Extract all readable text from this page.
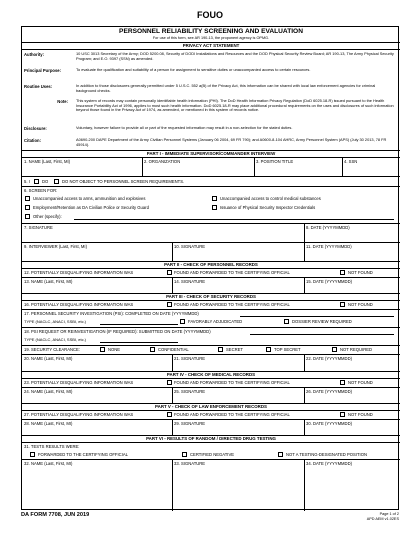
FOUO
PERSONNEL RELIABILITY SCREENING AND EVALUATION
For use of this form, see AR 190-13, the proponent agency is OPMG.
PRIVACY ACT STATEMENT
Authority:	10 USC 3013 Secretary of the Army; DOD 5200.08, Security of DODI Installations and Resources and the DOD Physical Security Review Board; AR 190-13, The Army Physical Security Program; and E.O. 9397 (SSN) as amended.
Principal Purpose:	To evaluate the qualification and suitability of a person for assignment to sensitive duties or unaccompanied access to certain resources.
Routine Uses:	In addition to those disclosures generally permitted under 5 U.S.C. 552 a(B) of the Privacy Act, this information can be shared with local law enforcement agencies for criminal background checks.
Note: This system of records may contain personally identifiable health information (PHI). The DoD Health Information Privacy Regulation (DoD 6025.18-R) issued pursuant to the Health Insurance Portability Act of 1996, applies to most such health information. DoD 6025.18-R may place additional procedural requirements on the uses and disclosures of such information beyond those found in the Privacy Act of 1974, as amended, or mentioned in this system of records notice.
Disclosure:	Voluntary, however failure to provide all or part of the requested information may result in a non-selection for the stated duties.
Citation:	A0690-200 DAPE Department of the Army Civilian Personnel Systems (January 06 2004, 69 FR 790); and A0600-8-104 AHRC, Army Personnel System (APS) (July 30 2013, 78 FR 45914).
PART I - IMMEDIATE SUPERVISOR/COMMANDER INTERVIEW
1. NAME (Last, First, MI)	2. ORGANIZATION	3. POSITION TITLE	4. SSN
5. I	DO	DO NOT OBJECT TO PERSONNEL SCREEN REQUIREMENTS.
6. SCREEN FOR:
Unaccompanied access to arms, ammunition and explosives	Unaccompanied access to control medical substances
Employment/Retention as DA Civilian Police or Security Guard	Issuance of Physical Security Inspector Credentials
Other (specify):
7. SIGNATURE	8. DATE (YYYYMMDD)
9. INTERVIEWER (Last, First, MI)	10. SIGNATURE	11. DATE (YYYYMMDD)
PART II - CHECK OF PERSONNEL RECORDS
12. POTENTIALLY DISQUALIFYING INFORMATION WAS	FOUND AND FORWARDED TO THE CERTIFYING OFFICIAL	NOT FOUND
13. NAME (Last, First, MI)	14. SIGNATURE	15. DATE (YYYYMMDD)
PART III - CHECK OF SECURITY RECORDS
16. POTENTIALLY DISQUALIFYING INFORMATION WAS	FOUND AND FORWARDED TO THE CERTIFYING OFFICIAL	NOT FOUND
17. PERSONNEL SECURITY INVESTIGATION (PSI): COMPLETED ON DATE (YYYYMMDD)
TYPE (NACLC, ANACI, SSBI, etc.)	FAVORABLY ADJUDICATED	DOSSIER REVIEW REQUIRED
18. PSI REQUEST OR REINVESTIGATION (IF REQUIRED): SUBMITTED ON DATE (YYYYMMDD)
TYPE (NACLC, ANACI, SSBI, etc.)
19. SECURITY CLEARANCE:	NONE	CONFIDENTIAL	SECRET	TOP SECRET	NOT REQUIRED
20. NAME (Last, First, MI)	21. SIGNATURE	22. DATE (YYYYMMDD)
PART IV - CHECK OF MEDICAL RECORDS
23. POTENTIALLY DISQUALIFYING INFORMATION WAS	FOUND AND FORWARDED TO THE CERTIFYING OFFICIAL	NOT FOUND
24. NAME (Last, First, MI)	25. SIGNATURE	26. DATE (YYYYMMDD)
PART V - CHECK OF LAW ENFORCEMENT RECORDS
27. POTENTIALLY DISQUALIFYING INFORMATION WAS	FOUND AND FORWARDED TO THE CERTIFYING OFFICIAL	NOT FOUND
28. NAME (Last, First, MI)	29. SIGNATURE	30. DATE (YYYYMMDD)
PART VI - RESULTS OF RANDOM / DIRECTED DRUG TESTING
31. TESTS RESULTS WERE:
FORWARDED TO THE CERTIFYING OFFICIAL	CERTIFIED NEGATIVE	NOT A TESTING-DESIGNATED POSITION
32. NAME (Last, First, MI)	33. SIGNATURE	34. DATE (YYYYMMDD)
DA FORM 7708, JUN 2019	Page 1 of 2
APD AEM v1.02ES
